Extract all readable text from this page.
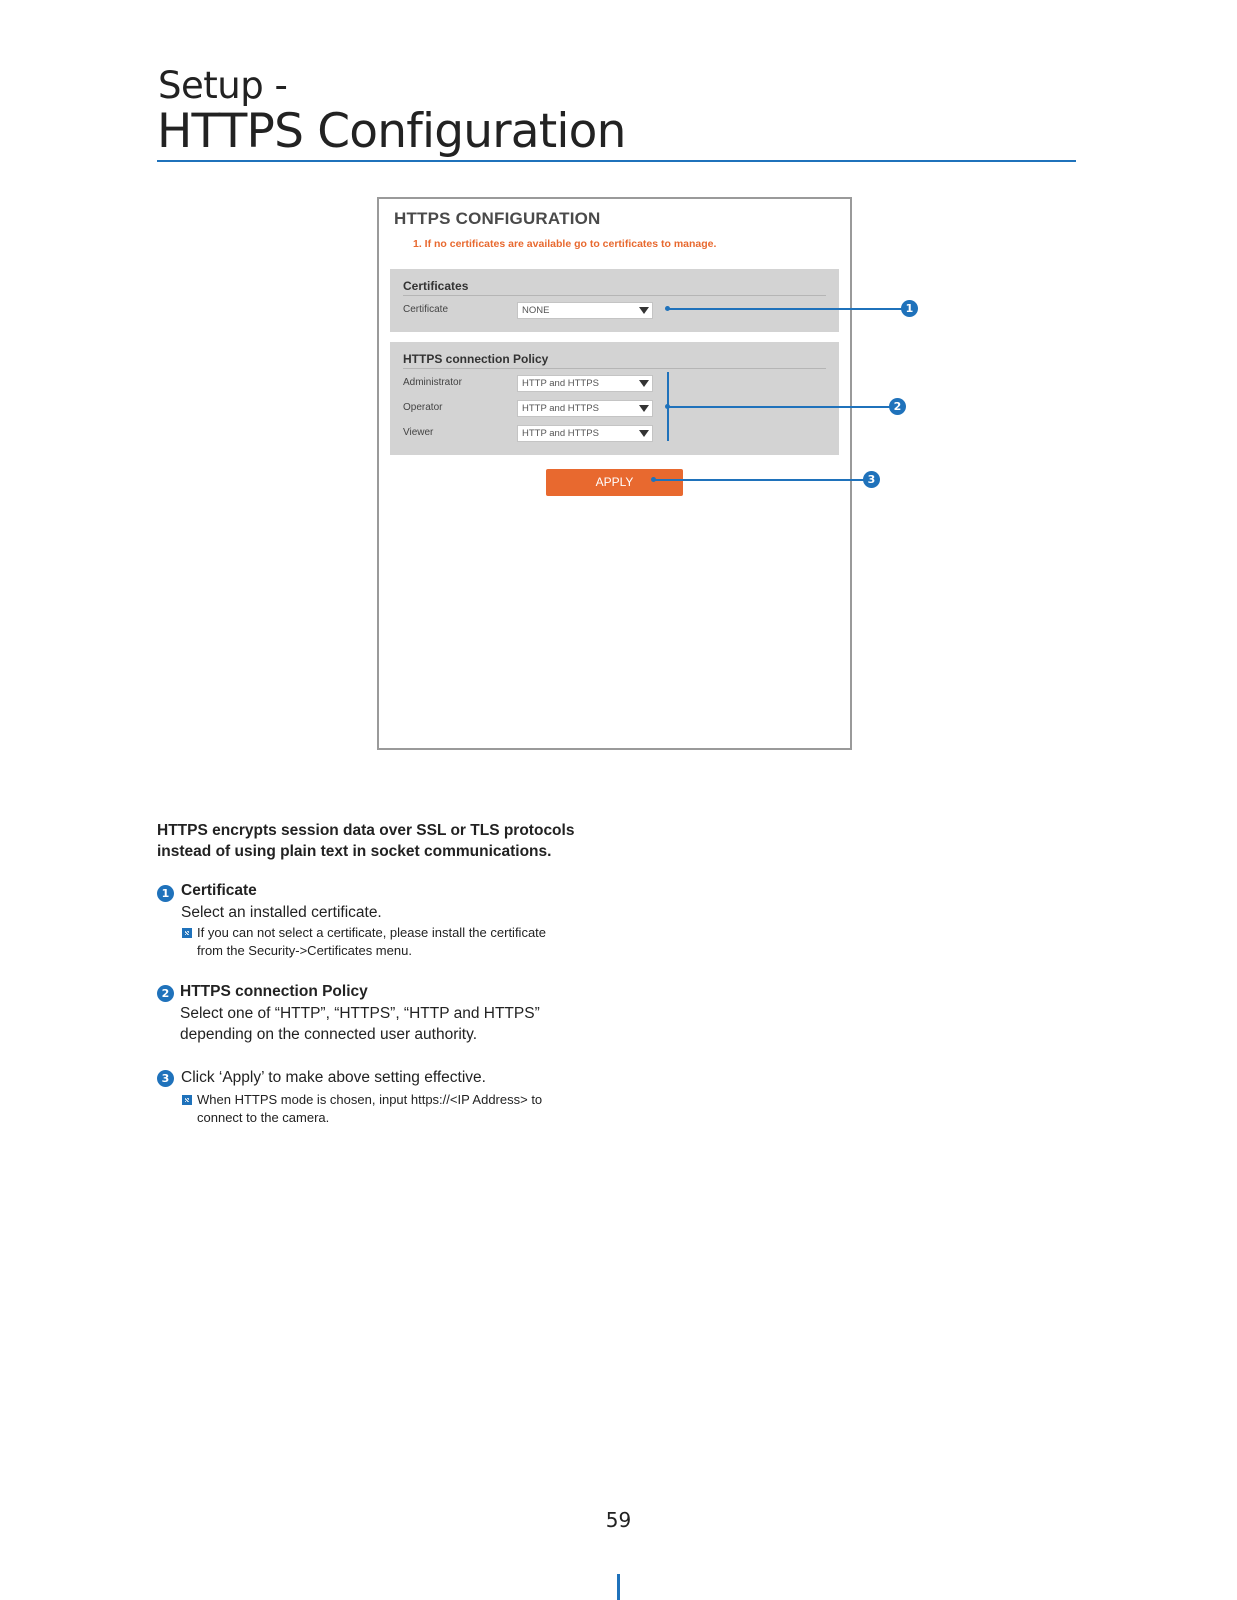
Setup -
HTTPS Configuration
HTTPS CONFIGURATION
1. If no certificates are available go to certificates to manage.
Certificates
Certificate	NONE
HTTPS connection Policy
Administrator	HTTP and HTTPS
Operator	HTTP and HTTPS
Viewer	HTTP and HTTPS
APPLY
1
2
3
HTTPS encrypts session data over SSL or TLS protocols
instead of using plain text in socket communications.
1 Certificate
Select an installed certificate.
If you can not select a certificate, please install the certificate
from the Security->Certificates menu.
2 HTTPS connection Policy
Select one of “HTTP”, “HTTPS”, “HTTP and HTTPS”
depending on the connected user authority.
3 Click ‘Apply’ to make above setting effective.
When HTTPS mode is chosen, input https://<IP Address> to
connect to the camera.
59
